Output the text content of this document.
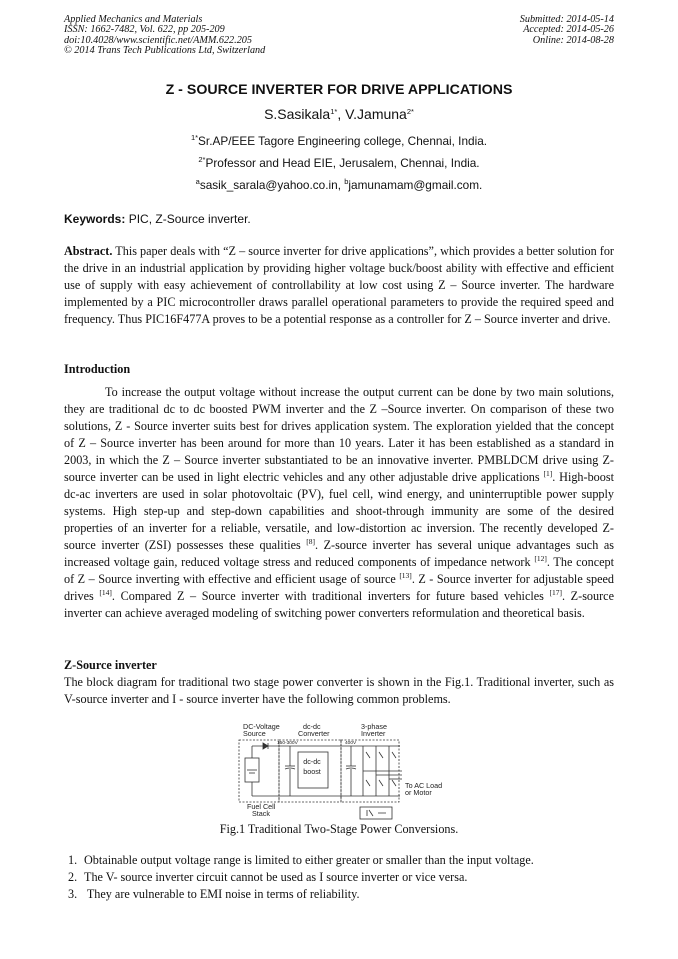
Applied Mechanics and Materials
ISSN: 1662-7482, Vol. 622, pp 205-209
doi:10.4028/www.scientific.net/AMM.622.205
© 2014 Trans Tech Publications Ltd, Switzerland
Submitted: 2014-05-14
Accepted: 2014-05-26
Online: 2014-08-28
Z - SOURCE INVERTER FOR DRIVE APPLICATIONS
S.Sasikala$^{1*}$, V.Jamuna$^{2*}$
$^{1*}$Sr.AP/EEE Tagore Engineering college, Chennai, India.
$^{2*}$Professor and Head EIE, Jerusalem, Chennai, India.
$^a$sasik_sarala@yahoo.co.in, $^b$jamunamam@gmail.com.
Keywords: PIC, Z-Source inverter.
Abstract. This paper deals with “Z – source inverter for drive applications”, which provides a better solution for the drive in an industrial application by providing higher voltage buck/boost ability with effective and efficient use of supply with easy achievement of controllability at low cost using Z – Source inverter. The hardware implemented by a PIC microcontroller draws parallel operational parameters to provide the required speed and frequency. Thus PIC16F477A proves to be a potential response as a controller for Z – Source inverter and drive.
Introduction
To increase the output voltage without increase the output current can be done by two main solutions, they are traditional dc to dc boosted PWM inverter and the Z –Source inverter. On comparison of these two solutions, Z - Source inverter suits best for drives application system. The exploration yielded that the concept of Z – Source inverter has been around for more than 10 years. Later it has been established as a standard in 2003, in which the Z – Source inverter substantiated to be an innovative inverter. PMBLDCM drive using Z-source inverter can be used in light electric vehicles and any other adjustable drive applications [1]. High-boost dc-ac inverters are used in solar photovoltaic (PV), fuel cell, wind energy, and uninterruptible power supply systems. High step-up and step-down capabilities and shoot-through immunity are some of the desired properties of an inverter for a reliable, versatile, and low-distortion ac inversion. The recently developed Z-source inverter (ZSI) possesses these qualities [8]. Z-source inverter has several unique advantages such as increased voltage gain, reduced voltage stress and reduced components of impedance network [12]. The concept of Z – Source inverting with effective and efficient usage of source [13]. Z - Source inverter for adjustable speed drives [14]. Compared Z – Source inverter with traditional inverters for future based vehicles [17]. Z-source inverter can achieve averaged modeling of switching power converters reformulation and theoretical basis.
Z-Source inverter
The block diagram for traditional two stage power converter is shown in the Fig.1. Traditional inverter, such as V-source inverter and I - source inverter have the following common problems.
DC-Voltage
Source
dc-dc
Converter
3-phase
Inverter
150-300V	400V
dc-dc
boost
To AC Load
or Motor
Fuel Cell
Stack
Fig.1 Traditional Two-Stage Power Conversions.
1. Obtainable output voltage range is limited to either greater or smaller than the input voltage.
2. The V- source inverter circuit cannot be used as I source inverter or vice versa.
3. They are vulnerable to EMI noise in terms of reliability.
